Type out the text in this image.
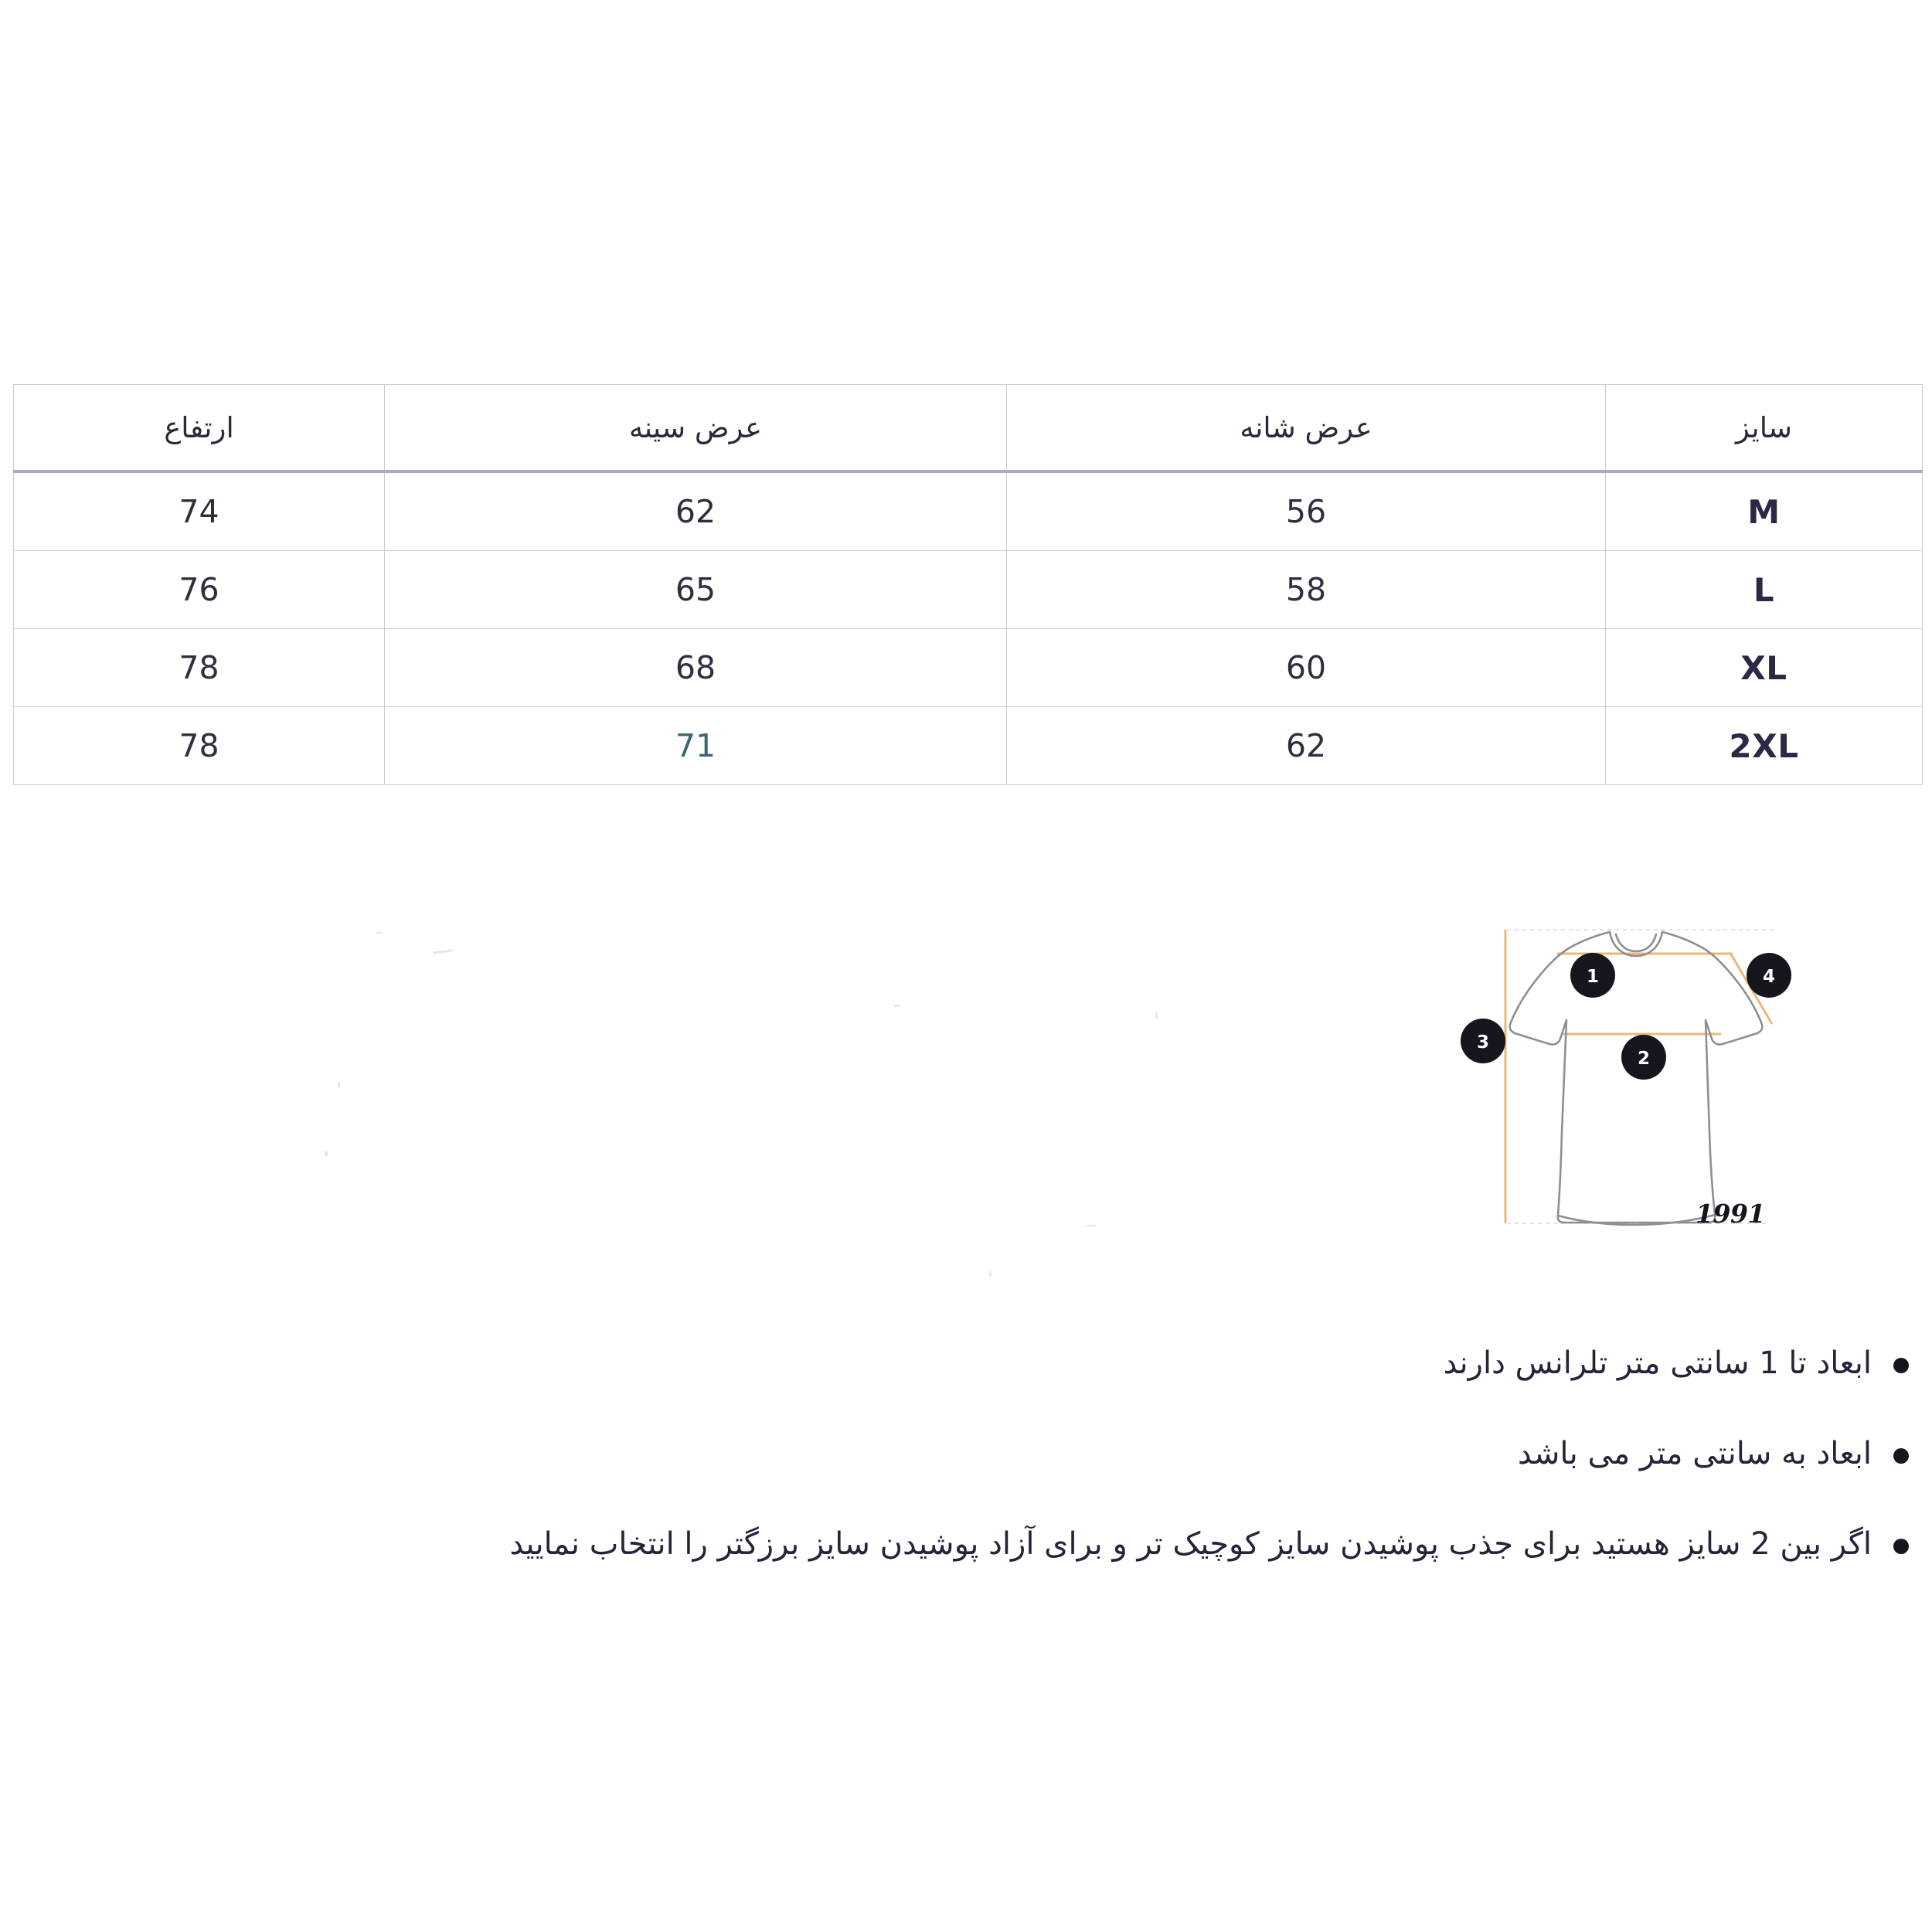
سایز	عرض شانه	عرض سینه	ارتفاع
M	56	62	74
L	58	65	76
XL	60	68	78
2XL	62	71	78
1
2
3
4
1991
ابعاد تا 1 سانتی متر تلرانس دارند
ابعاد به سانتی متر می باشد
اگر بین 2 سایز هستید برای جذب پوشیدن سایز کوچیک تر و برای آزاد پوشیدن سایز برزگتر را انتخاب نمایید
